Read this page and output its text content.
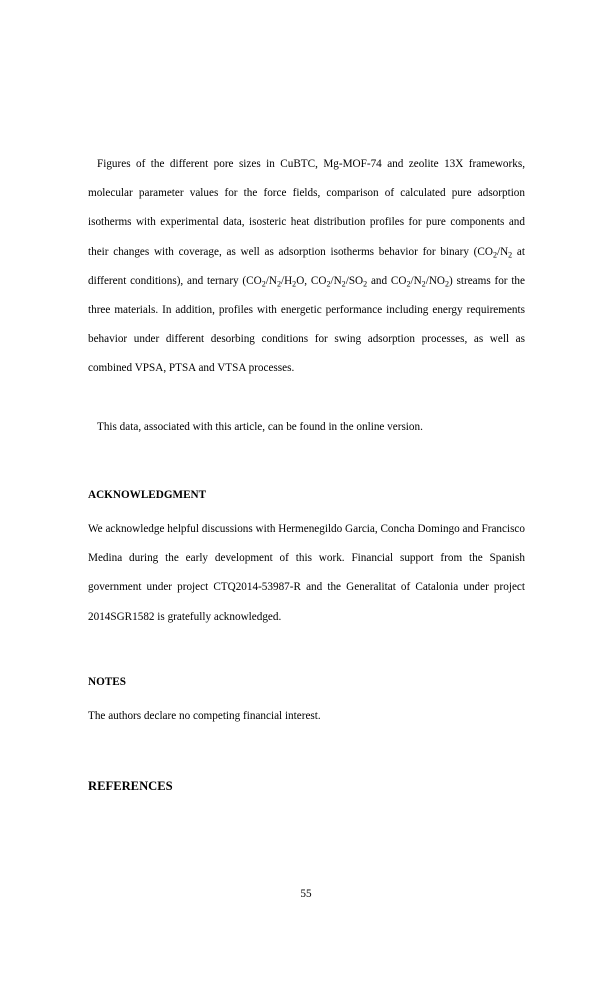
Figures of the different pore sizes in CuBTC, Mg-MOF-74 and zeolite 13X frameworks, molecular parameter values for the force fields, comparison of calculated pure adsorption isotherms with experimental data, isosteric heat distribution profiles for pure components and their changes with coverage, as well as adsorption isotherms behavior for binary ($CO_2/N_2$ at different conditions), and ternary ($CO_2/N_2/H_2O$, $CO_2/N_2/SO_2$ and $CO_2/N_2/NO_2$) streams for the three materials. In addition, profiles with energetic performance including energy requirements behavior under different desorbing conditions for swing adsorption processes, as well as combined VPSA, PTSA and VTSA processes.

This data, associated with this article, can be found in the online version.

ACKNOWLEDGMENT

We acknowledge helpful discussions with Hermenegildo Garcia, Concha Domingo and Francisco Medina during the early development of this work. Financial support from the Spanish government under project CTQ2014-53987-R and the Generalitat of Catalonia under project 2014SGR1582 is gratefully acknowledged.

NOTES

The authors declare no competing financial interest.

REFERENCES
55
